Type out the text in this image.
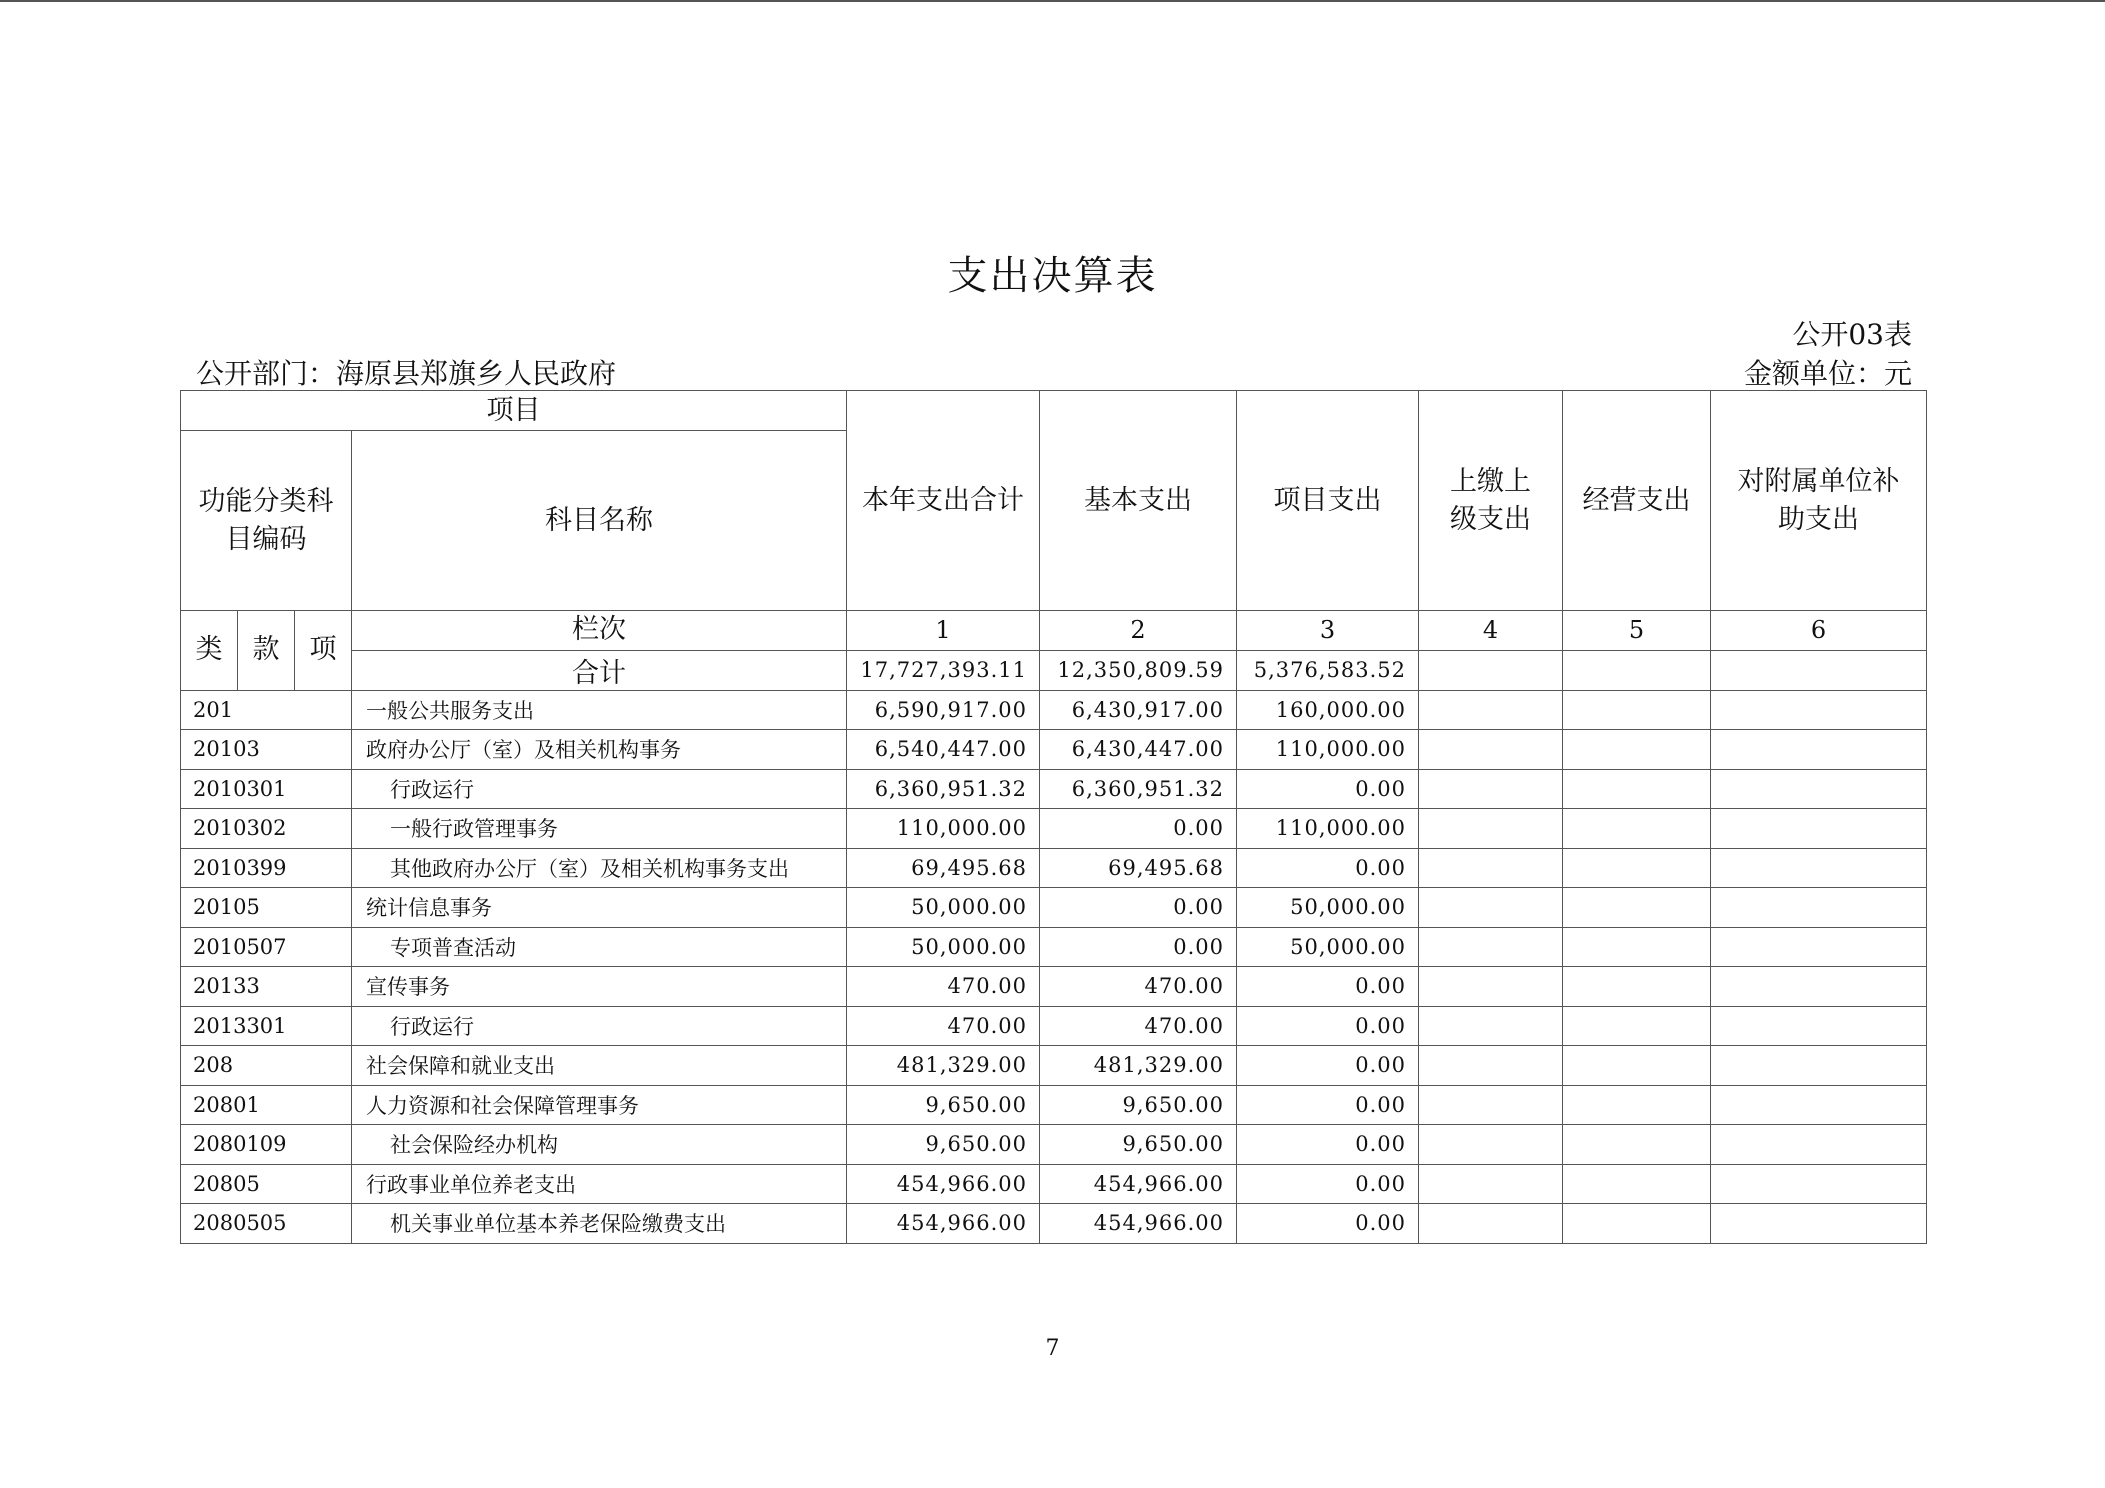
支出决算表
公开03表
公开部门：海原县郑旗乡人民政府	金额单位：元
项目				本年支出合计	基本支出	项目支出	上缴上级支出	经营支出	对附属单位补助支出

功能分类科目编码			科目名称						
类	款	项	栏次	1	2	3	4	5	6
			合计	17,727,393.11	12,350,809.59	5,376,583.52			
201			一般公共服务支出	6,590,917.00	6,430,917.00	160,000.00			
20103			政府办公厅（室）及相关机构事务	6,540,447.00	6,430,447.00	110,000.00			
2010301			行政运行	6,360,951.32	6,360,951.32	0.00			
2010302			一般行政管理事务	110,000.00	0.00	110,000.00			
2010399			其他政府办公厅（室）及相关机构事务支出	69,495.68	69,495.68	0.00			
20105			统计信息事务	50,000.00	0.00	50,000.00			
2010507			专项普查活动	50,000.00	0.00	50,000.00			
20133			宣传事务	470.00	470.00	0.00			
2013301			行政运行	470.00	470.00	0.00			
208			社会保障和就业支出	481,329.00	481,329.00	0.00			
20801			人力资源和社会保障管理事务	9,650.00	9,650.00	0.00			
2080109			社会保险经办机构	9,650.00	9,650.00	0.00			
20805			行政事业单位养老支出	454,966.00	454,966.00	0.00			
2080505			机关事业单位基本养老保险缴费支出	454,966.00	454,966.00	0.00			
7
